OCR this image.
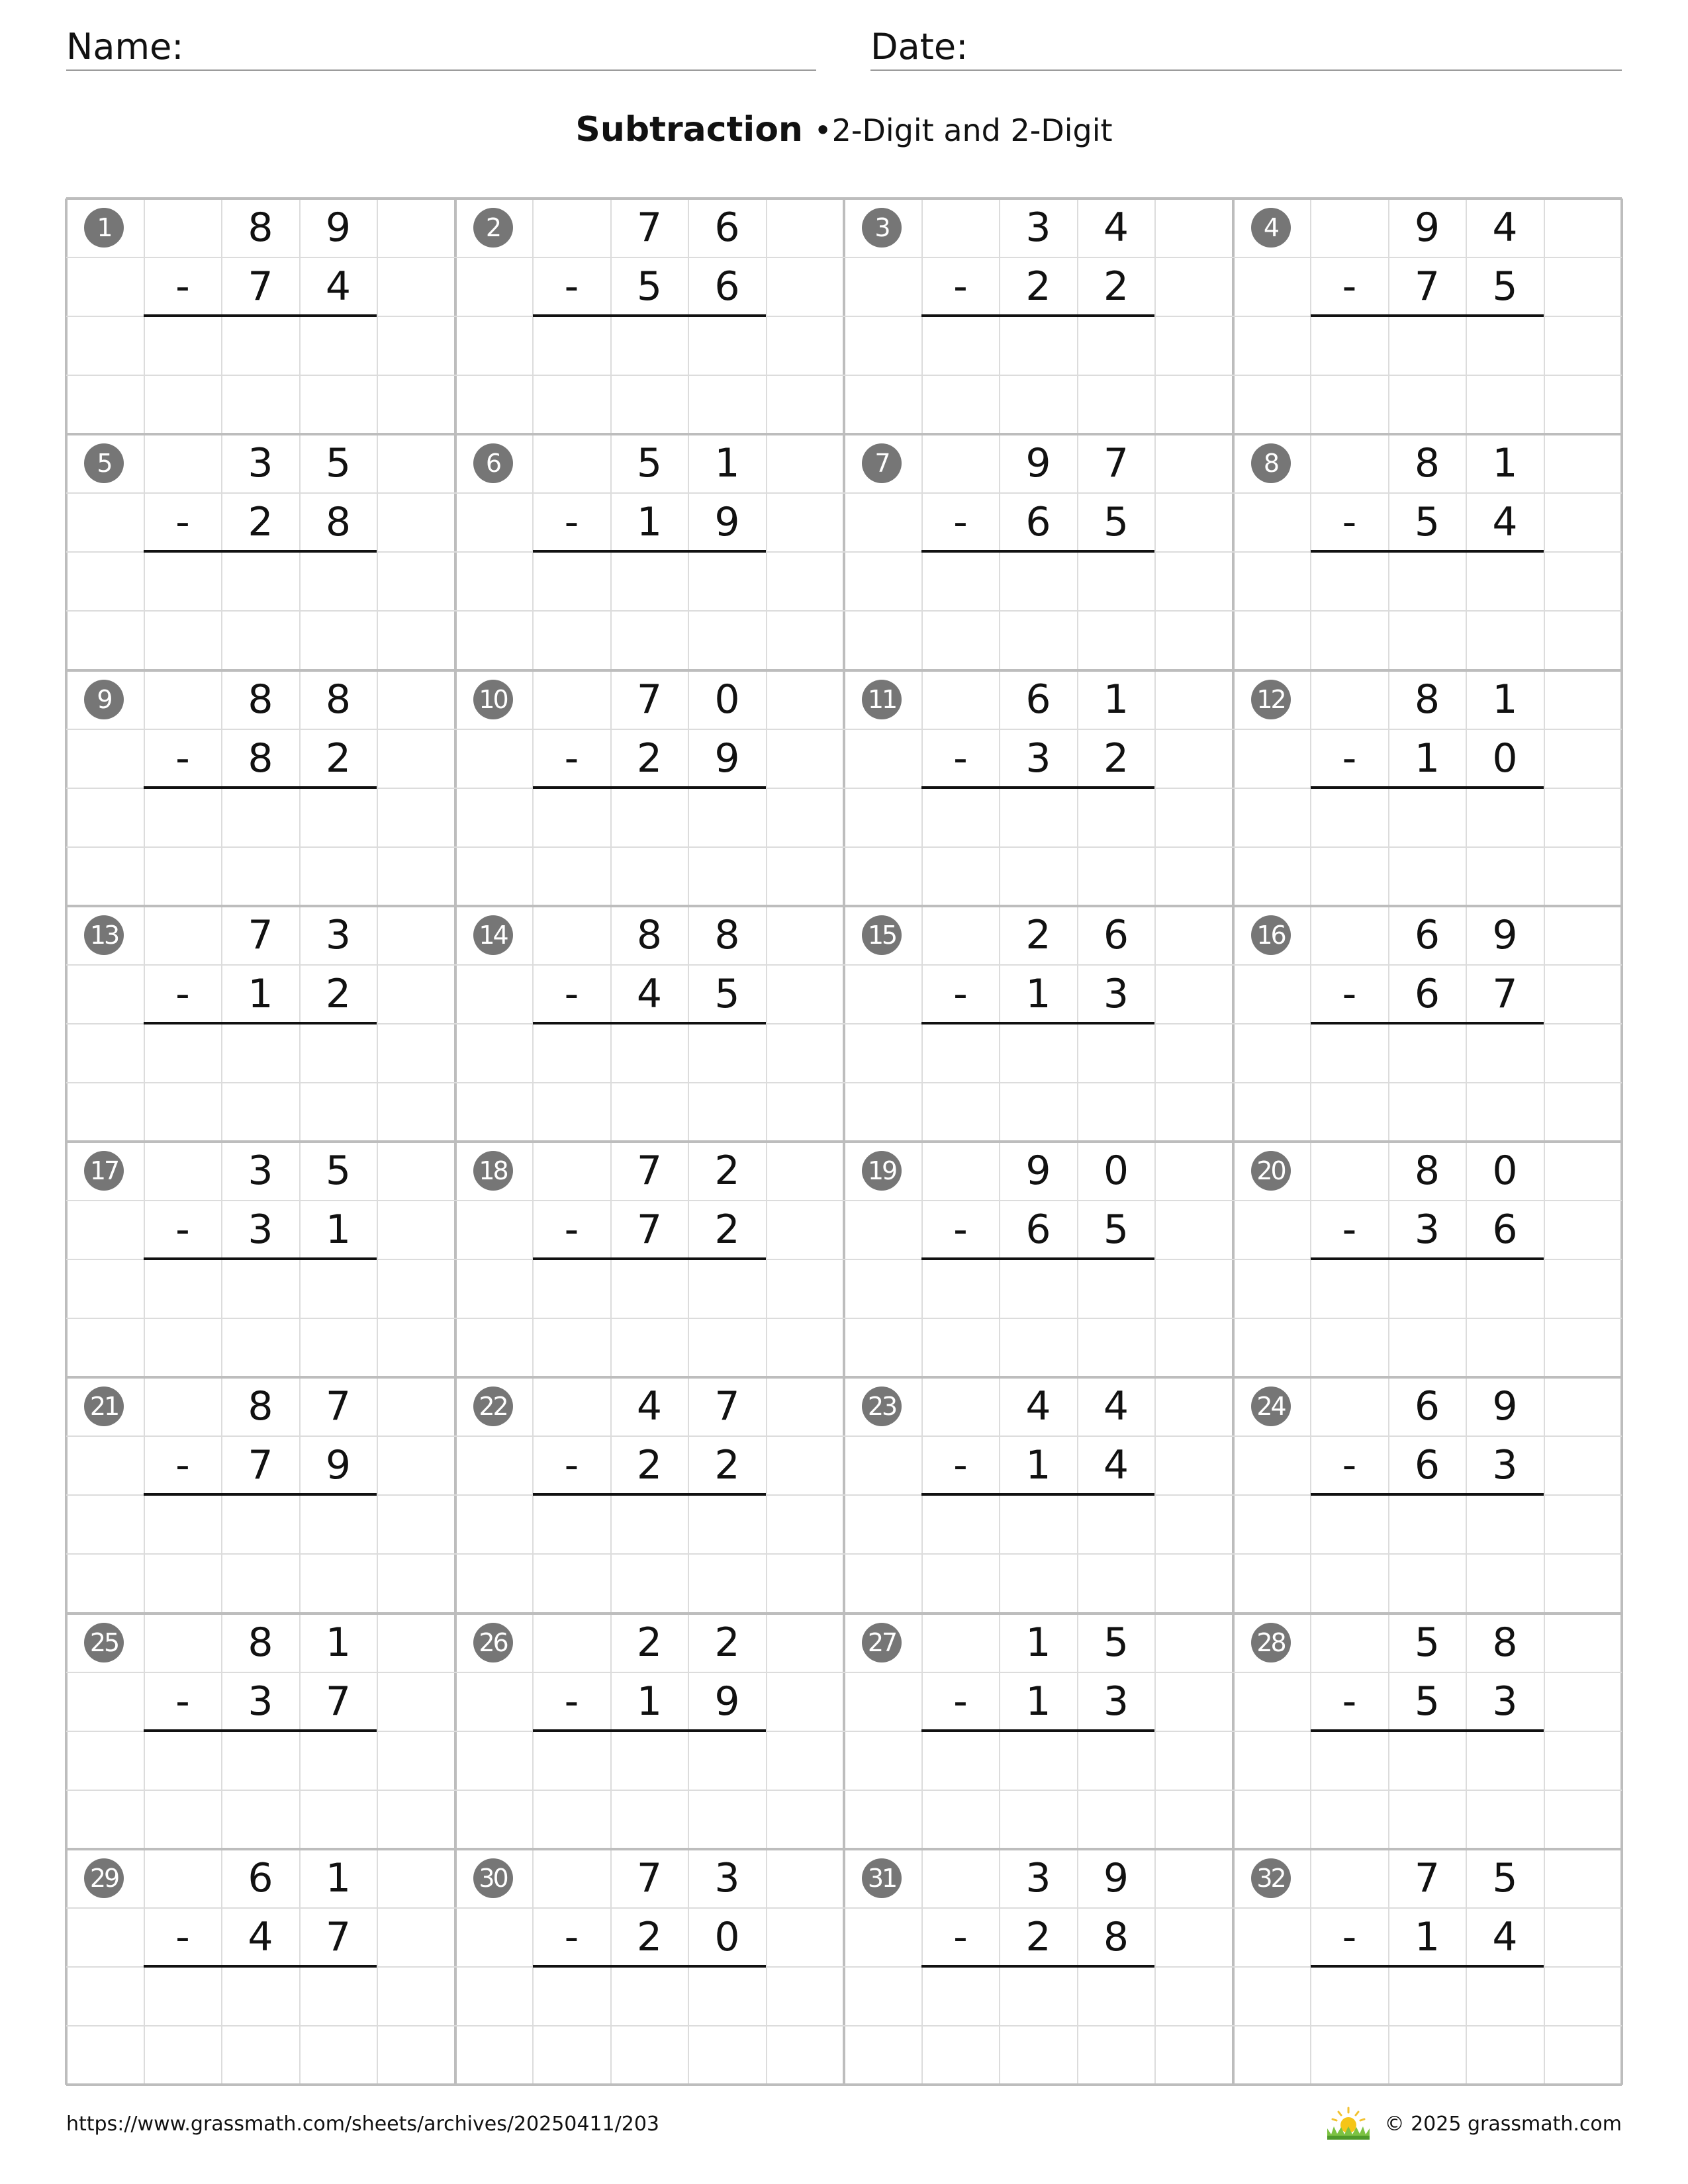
Name:	Date:
Subtraction •2-Digit and 2-Digit
1	8	9
-	7	4
2	7	6
-	5	6
3	3	4
-	2	2
4	9	4
-	7	5
5	3	5
-	2	8
6	5	1
-	1	9
7	9	7
-	6	5
8	8	1
-	5	4
9	8	8
-	8	2
10	7	0
-	2	9
11	6	1
-	3	2
12	8	1
-	1	0
13	7	3
-	1	2
14	8	8
-	4	5
15	2	6
-	1	3
16	6	9
-	6	7
17	3	5
-	3	1
18	7	2
-	7	2
19	9	0
-	6	5
20	8	0
-	3	6
21	8	7
-	7	9
22	4	7
-	2	2
23	4	4
-	1	4
24	6	9
-	6	3
25	8	1
-	3	7
26	2	2
-	1	9
27	1	5
-	1	3
28	5	8
-	5	3
29	6	1
-	4	7
30	7	3
-	2	0
31	3	9
-	2	8
32	7	5
-	1	4
https://www.grassmath.com/sheets/archives/20250411/203	© 2025 grassmath.com
